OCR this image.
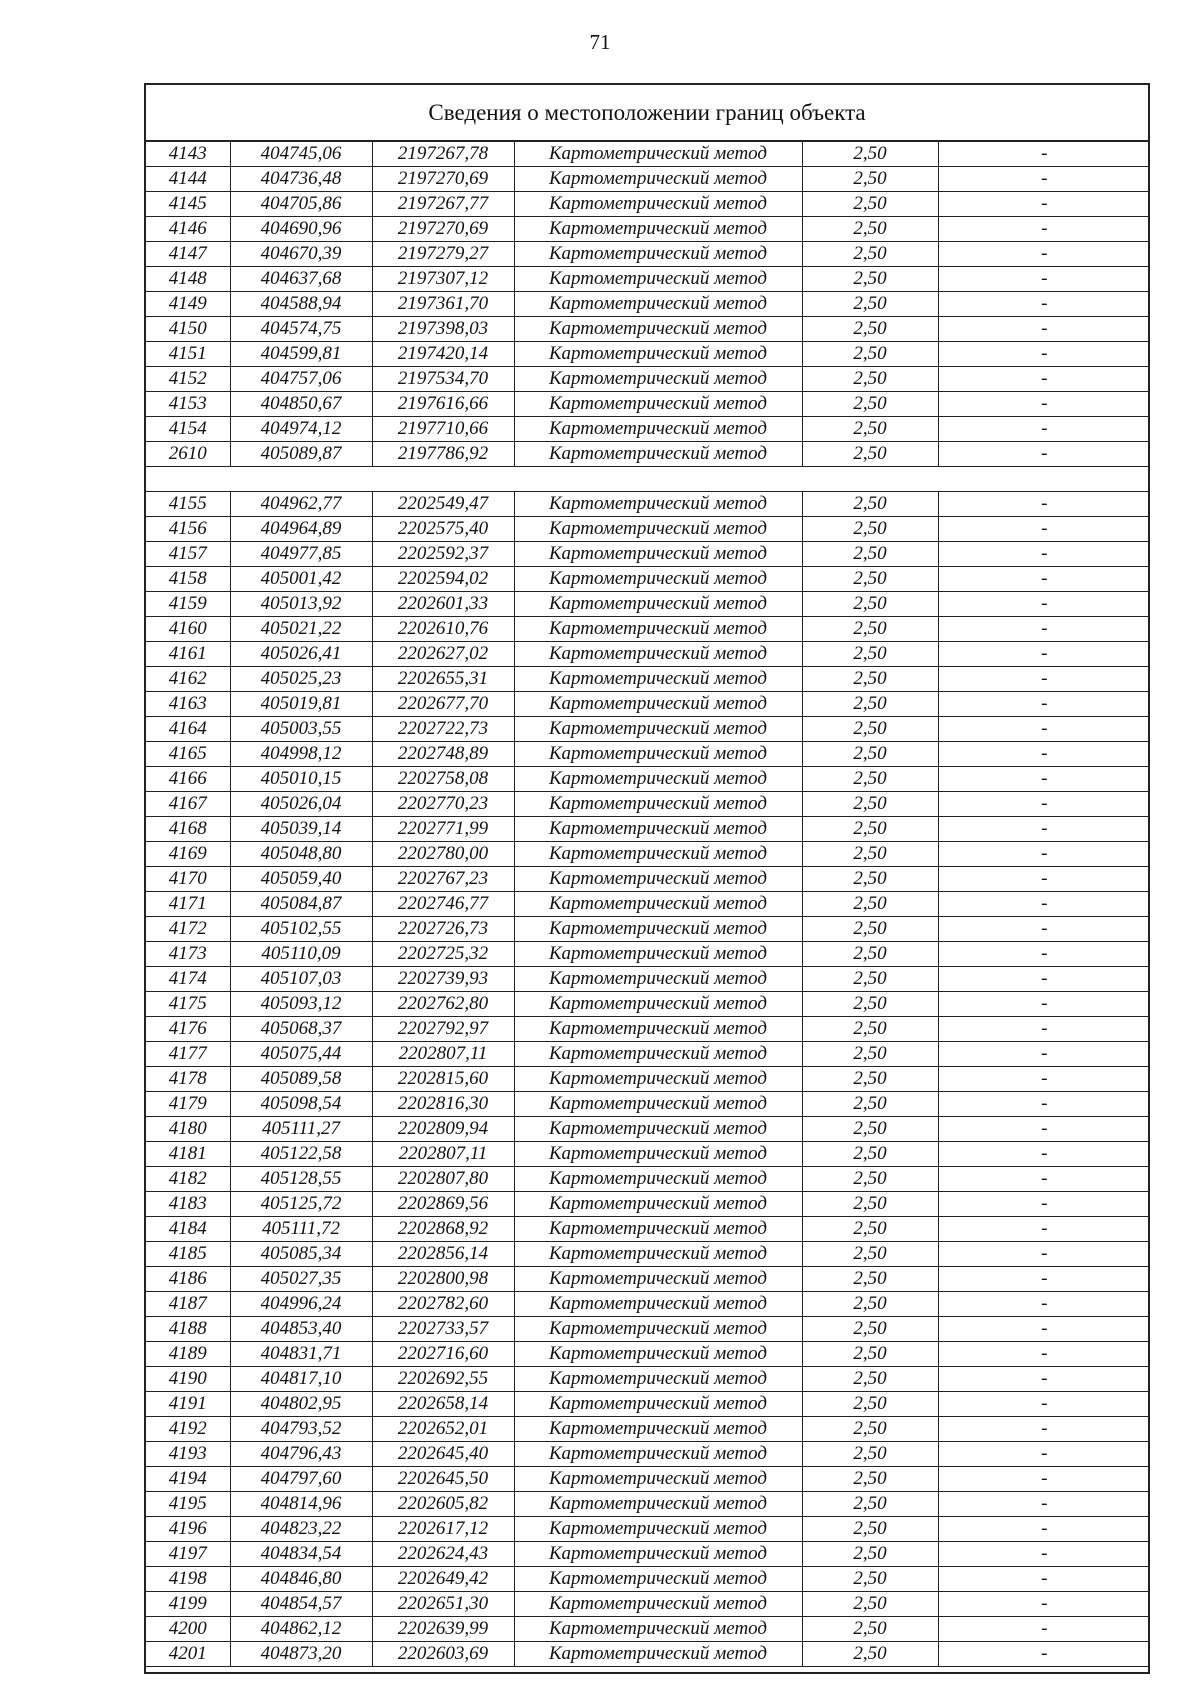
71
Сведения о местоположении границ объекта
4143	404745,06	2197267,78	Картометрический метод	2,50	-
4144	404736,48	2197270,69	Картометрический метод	2,50	-
4145	404705,86	2197267,77	Картометрический метод	2,50	-
4146	404690,96	2197270,69	Картометрический метод	2,50	-
4147	404670,39	2197279,27	Картометрический метод	2,50	-
4148	404637,68	2197307,12	Картометрический метод	2,50	-
4149	404588,94	2197361,70	Картометрический метод	2,50	-
4150	404574,75	2197398,03	Картометрический метод	2,50	-
4151	404599,81	2197420,14	Картометрический метод	2,50	-
4152	404757,06	2197534,70	Картометрический метод	2,50	-
4153	404850,67	2197616,66	Картометрический метод	2,50	-
4154	404974,12	2197710,66	Картометрический метод	2,50	-
2610	405089,87	2197786,92	Картометрический метод	2,50	-

4155	404962,77	2202549,47	Картометрический метод	2,50	-
4156	404964,89	2202575,40	Картометрический метод	2,50	-
4157	404977,85	2202592,37	Картометрический метод	2,50	-
4158	405001,42	2202594,02	Картометрический метод	2,50	-
4159	405013,92	2202601,33	Картометрический метод	2,50	-
4160	405021,22	2202610,76	Картометрический метод	2,50	-
4161	405026,41	2202627,02	Картометрический метод	2,50	-
4162	405025,23	2202655,31	Картометрический метод	2,50	-
4163	405019,81	2202677,70	Картометрический метод	2,50	-
4164	405003,55	2202722,73	Картометрический метод	2,50	-
4165	404998,12	2202748,89	Картометрический метод	2,50	-
4166	405010,15	2202758,08	Картометрический метод	2,50	-
4167	405026,04	2202770,23	Картометрический метод	2,50	-
4168	405039,14	2202771,99	Картометрический метод	2,50	-
4169	405048,80	2202780,00	Картометрический метод	2,50	-
4170	405059,40	2202767,23	Картометрический метод	2,50	-
4171	405084,87	2202746,77	Картометрический метод	2,50	-
4172	405102,55	2202726,73	Картометрический метод	2,50	-
4173	405110,09	2202725,32	Картометрический метод	2,50	-
4174	405107,03	2202739,93	Картометрический метод	2,50	-
4175	405093,12	2202762,80	Картометрический метод	2,50	-
4176	405068,37	2202792,97	Картометрический метод	2,50	-
4177	405075,44	2202807,11	Картометрический метод	2,50	-
4178	405089,58	2202815,60	Картометрический метод	2,50	-
4179	405098,54	2202816,30	Картометрический метод	2,50	-
4180	405111,27	2202809,94	Картометрический метод	2,50	-
4181	405122,58	2202807,11	Картометрический метод	2,50	-
4182	405128,55	2202807,80	Картометрический метод	2,50	-
4183	405125,72	2202869,56	Картометрический метод	2,50	-
4184	405111,72	2202868,92	Картометрический метод	2,50	-
4185	405085,34	2202856,14	Картометрический метод	2,50	-
4186	405027,35	2202800,98	Картометрический метод	2,50	-
4187	404996,24	2202782,60	Картометрический метод	2,50	-
4188	404853,40	2202733,57	Картометрический метод	2,50	-
4189	404831,71	2202716,60	Картометрический метод	2,50	-
4190	404817,10	2202692,55	Картометрический метод	2,50	-
4191	404802,95	2202658,14	Картометрический метод	2,50	-
4192	404793,52	2202652,01	Картометрический метод	2,50	-
4193	404796,43	2202645,40	Картометрический метод	2,50	-
4194	404797,60	2202645,50	Картометрический метод	2,50	-
4195	404814,96	2202605,82	Картометрический метод	2,50	-
4196	404823,22	2202617,12	Картометрический метод	2,50	-
4197	404834,54	2202624,43	Картометрический метод	2,50	-
4198	404846,80	2202649,42	Картометрический метод	2,50	-
4199	404854,57	2202651,30	Картометрический метод	2,50	-
4200	404862,12	2202639,99	Картометрический метод	2,50	-
4201	404873,20	2202603,69	Картометрический метод	2,50	-
